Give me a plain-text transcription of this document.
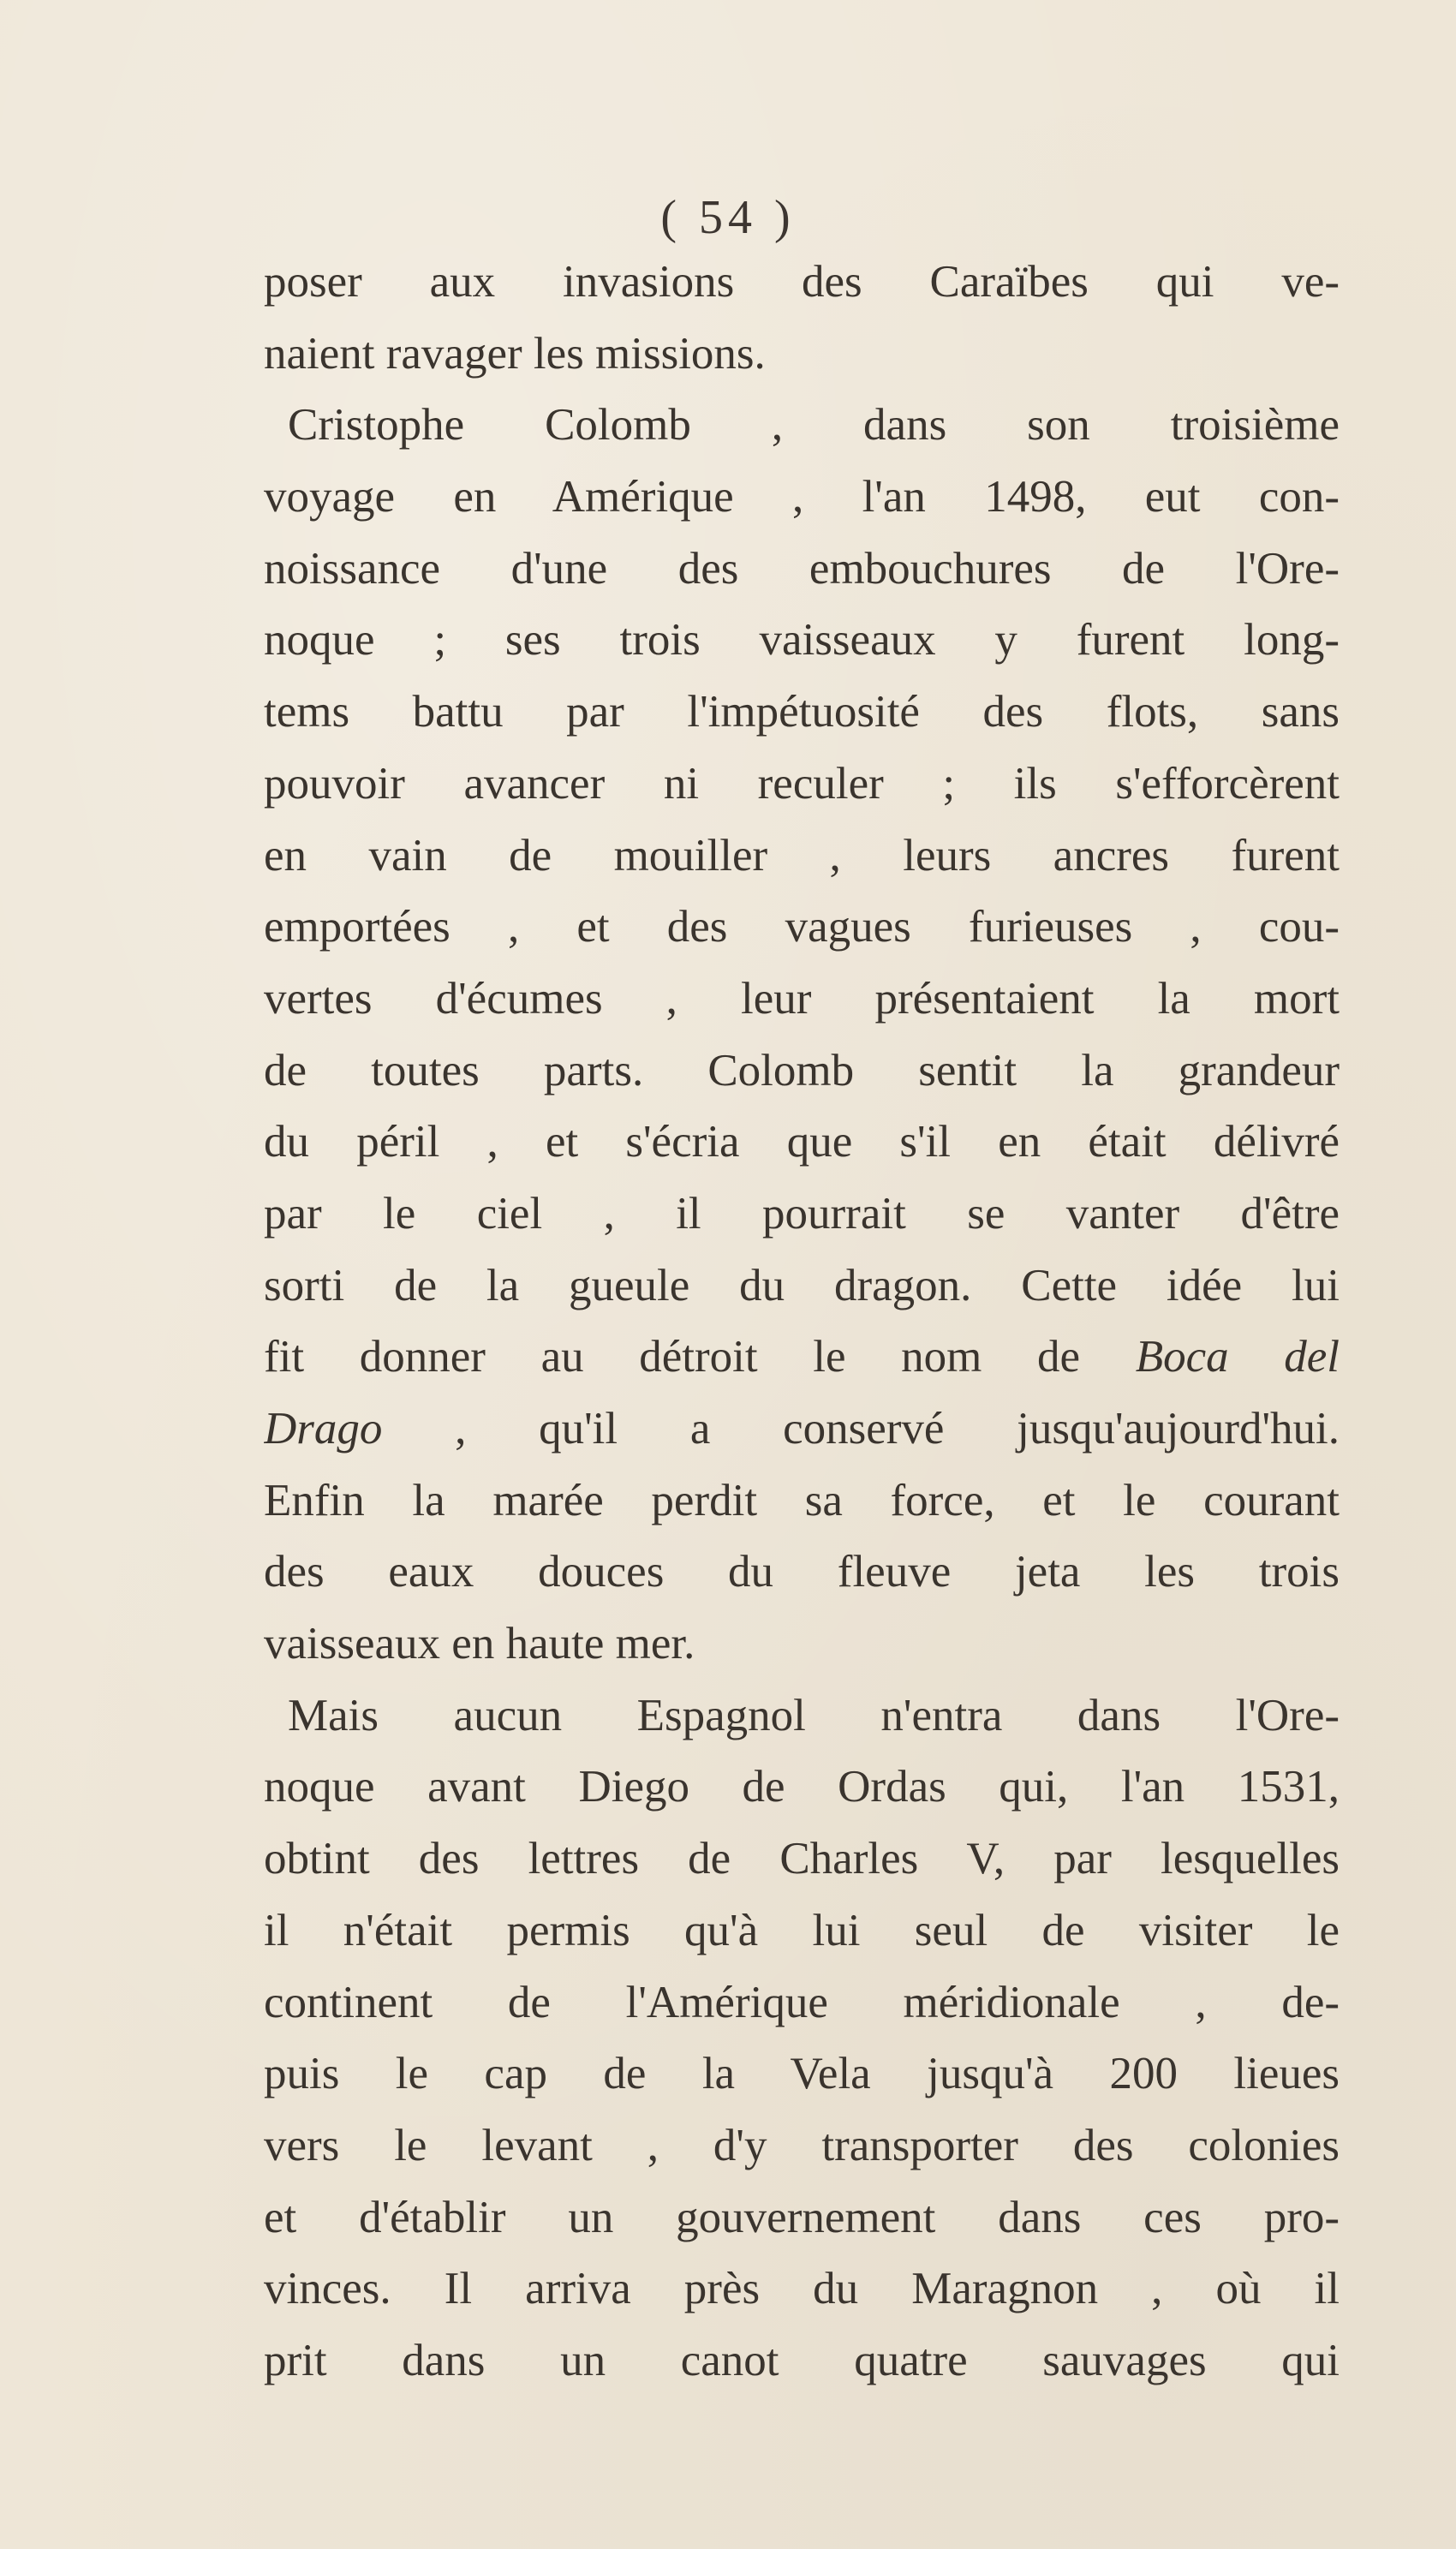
( 54 )
poser aux invasions des Caraïbes qui ve-
naient ravager les missions.
Cristophe Colomb , dans son troisième
voyage en Amérique , l'an 1498, eut con-
noissance d'une des embouchures de l'Ore-
noque ; ses trois vaisseaux y furent long-
tems battu par l'impétuosité des flots, sans
pouvoir avancer ni reculer ; ils s'efforcèrent
en vain de mouiller , leurs ancres furent
emportées , et des vagues furieuses , cou-
vertes d'écumes , leur présentaient la mort
de toutes parts. Colomb sentit la grandeur
du péril , et s'écria que s'il en était délivré
par le ciel , il pourrait se vanter d'être
sorti de la gueule du dragon. Cette idée lui
fit donner au détroit le nom de Boca del
Drago , qu'il a conservé jusqu'aujourd'hui.
Enfin la marée perdit sa force, et le courant
des eaux douces du fleuve jeta les trois
vaisseaux en haute mer.
Mais aucun Espagnol n'entra dans l'Ore-
noque avant Diego de Ordas qui, l'an 1531,
obtint des lettres de Charles V, par lesquelles
il n'était permis qu'à lui seul de visiter le
continent de l'Amérique méridionale , de-
puis le cap de la Vela jusqu'à 200 lieues
vers le levant , d'y transporter des colonies
et d'établir un gouvernement dans ces pro-
vinces. Il arriva près du Maragnon , où il
prit dans un canot quatre sauvages qui
